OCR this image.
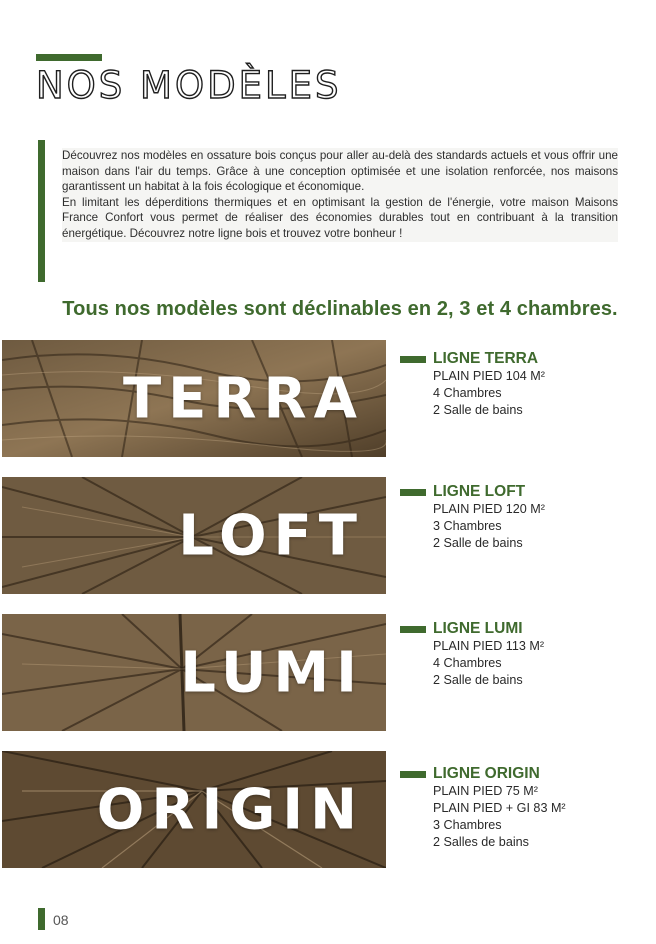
NOS MODÈLES

Découvrez nos modèles en ossature bois conçus pour aller au-delà des standards actuels et vous offrir une maison dans l'air du temps. Grâce à une conception optimisée et une isolation renforcée, nos maisons garantissent un habitat à la fois écologique et économique.

En limitant les déperditions thermiques et en optimisant la gestion de l'énergie, votre maison Maisons France Confort vous permet de réaliser des économies durables tout en contribuant à la transition énergétique. Découvrez notre ligne bois et trouvez votre bonheur !

Tous nos modèles sont déclinables en 2, 3 et 4 chambres.
TERRA
LOFT
LUMI
ORIGIN
LIGNE TERRA
PLAIN PIED 104 M²
4 Chambres
2 Salle de bains
LIGNE LOFT
PLAIN PIED 120 M²
3 Chambres
2 Salle de bains
LIGNE LUMI
PLAIN PIED 113 M²
4 Chambres
2 Salle de bains
LIGNE ORIGIN
PLAIN PIED 75 M²
PLAIN PIED + GI 83 M²
3 Chambres
2 Salles de bains
08
